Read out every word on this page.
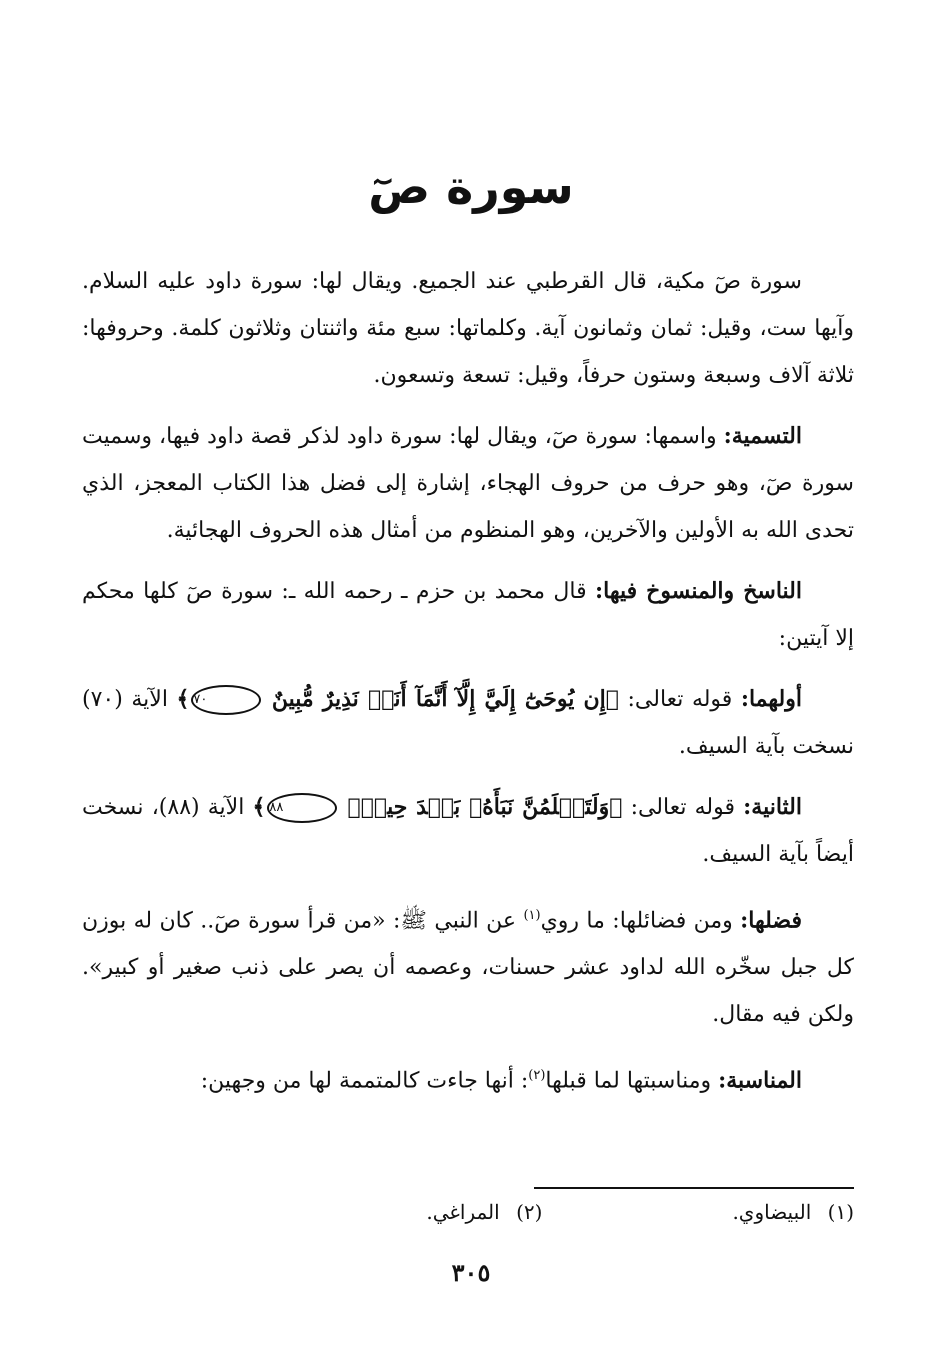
سورة صٓ

سورة صٓ مكية، قال القرطبي عند الجميع. ويقال لها: سورة داود عليه السلام. وآيها ست، وقيل: ثمان وثمانون آية. وكلماتها: سبع مئة واثنتان وثلاثون كلمة. وحروفها: ثلاثة آلاف وسبعة وستون حرفاً، وقيل: تسعة وتسعون.

التسمية: واسمها: سورة صٓ، ويقال لها: سورة داود لذكر قصة داود فيها، وسميت سورة صٓ، وهو حرف من حروف الهجاء، إشارة إلى فضل هذا الكتاب المعجز، الذي تحدى الله به الأولين والآخرين، وهو المنظوم من أمثال هذه الحروف الهجائية.

الناسخ والمنسوخ فيها: قال محمد بن حزم ـ رحمه الله ـ: سورة صٓ كلها محكم إلا آيتين:

أولهما: قوله تعالى: ﴿إِن يُوحَىٰٓ إِلَيَّ إِلَّآ أَنَّمَآ أَنَا۠ نَذِيرٌ مُّبِينٌ ٧٠﴾ الآية (٧٠) نسخت بآية السيف.

الثانية: قوله تعالى: ﴿وَلَتَعۡلَمُنَّ نَبَأَهُۥ بَعۡدَ حِينِۭ ٨٨﴾ الآية (٨٨)، نسخت أيضاً بآية السيف.

فضلها: ومن فضائلها: ما روي$^{(١)}$ عن النبي ﷺ: «من قرأ سورة صٓ.. كان له بوزن كل جبل سخّره الله لداود عشر حسنات، وعصمه أن يصر على ذنب صغير أو كبير». ولكن فيه مقال.

المناسبة: ومناسبتها لما قبلها$^{(٢)}$: أنها جاءت كالمتممة لها من وجهين:

(١) البيضاوي.
(٢) المراغي.
٣٠٥
